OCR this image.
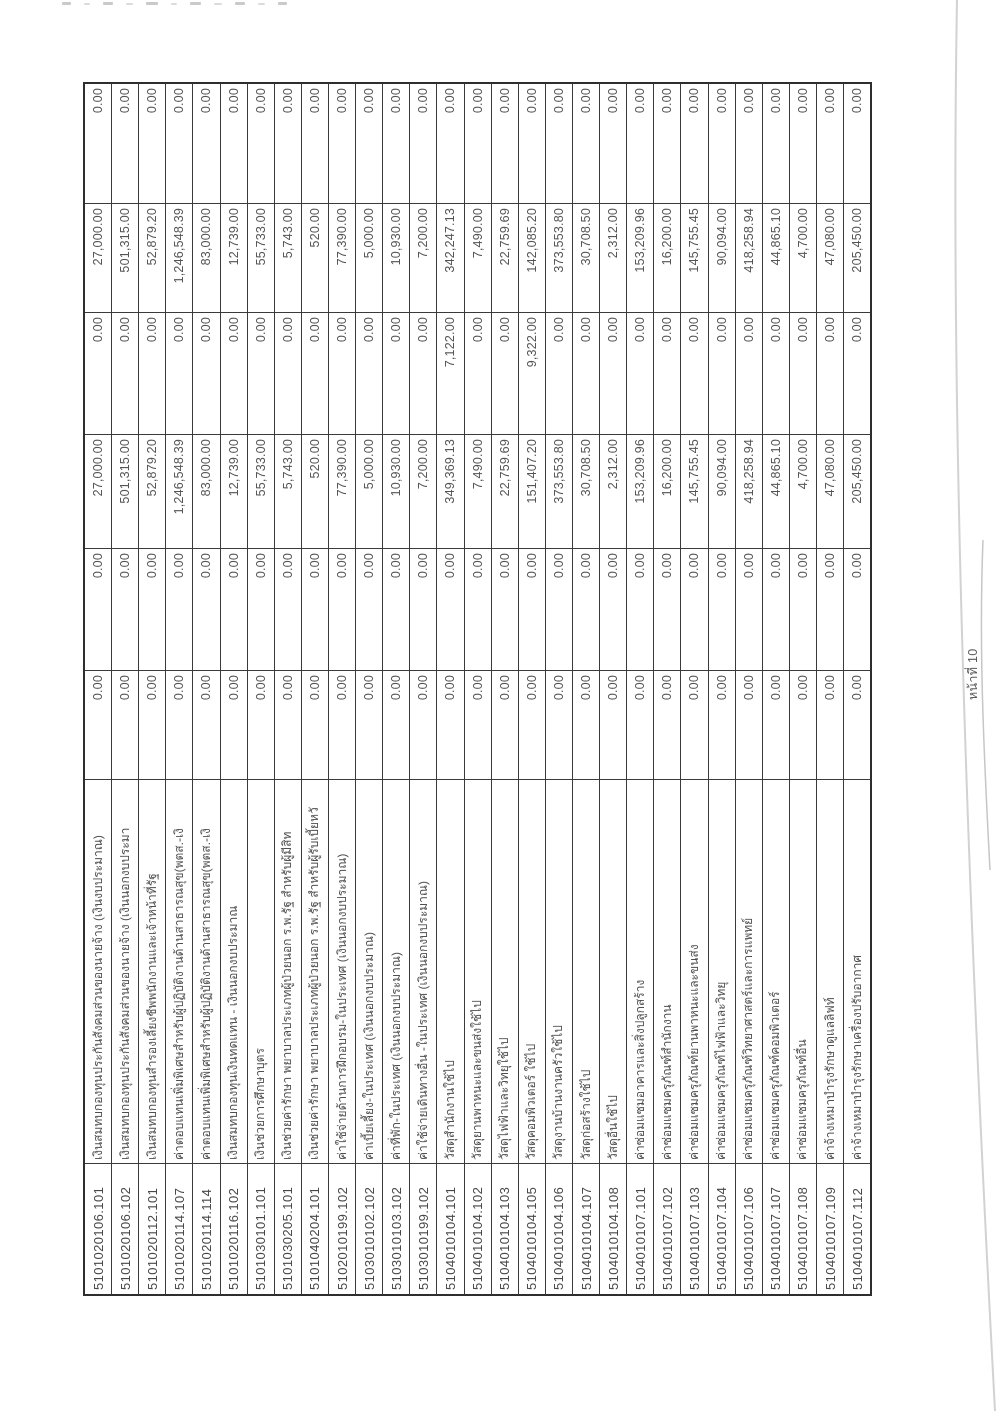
5101020106.101
เงินสมทบกองทุนประกันสังคมส่วนของนายจ้าง (เงินงบประมาณ)
0.00
0.00
27,000.00
0.00
27,000.00
0.00
5101020106.102
เงินสมทบกองทุนประกันสังคมส่วนของนายจ้าง (เงินนอกงบประมา
0.00
0.00
501,315.00
0.00
501,315.00
0.00
5101020112.101
เงินสมทบกองทุนสำรองเลี้ยงชีพพนักงานและเจ้าหน้าที่รัฐ
0.00
0.00
52,879.20
0.00
52,879.20
0.00
5101020114.107
ค่าตอบแทนเพิ่มพิเศษสำหรับผู้ปฏิบัติงานด้านสาธารณสุข(พตส.-เงิ
0.00
0.00
1,246,548.39
0.00
1,246,548.39
0.00
5101020114.114
ค่าตอบแทนเพิ่มพิเศษสำหรับผู้ปฏิบัติงานด้านสาธารณสุข(พตส.-เงิ
0.00
0.00
83,000.00
0.00
83,000.00
0.00
5101020116.102
เงินสมทบกองทุนเงินทดแทน - เงินนอกงบประมาณ
0.00
0.00
12,739.00
0.00
12,739.00
0.00
5101030101.101
เงินช่วยการศึกษาบุตร
0.00
0.00
55,733.00
0.00
55,733.00
0.00
5101030205.101
เงินช่วยค่ารักษา พยาบาลประเภทผู้ป่วยนอก ร.พ.รัฐ สำหรับผู้มีสิท
0.00
0.00
5,743.00
0.00
5,743.00
0.00
5101040204.101
เงินช่วยค่ารักษา พยาบาลประเภทผู้ป่วยนอก ร.พ.รัฐ สำหรับผู้รับเบี้ยหวั
0.00
0.00
520.00
0.00
520.00
0.00
5102010199.102
ค่าใช้จ่ายด้านการฝึกอบรม-ในประเทศ (เงินนอกงบประมาณ)
0.00
0.00
77,390.00
0.00
77,390.00
0.00
5103010102.102
ค่าเบี้ยเลี้ยง-ในประเทศ (เงินนอกงบประมาณ)
0.00
0.00
5,000.00
0.00
5,000.00
0.00
5103010103.102
ค่าที่พัก-ในประเทศ (เงินนอกงบประมาณ)
0.00
0.00
10,930.00
0.00
10,930.00
0.00
5103010199.102
ค่าใช้จ่ายเดินทางอื่น -ในประเทศ (เงินนอกงบประมาณ)
0.00
0.00
7,200.00
0.00
7,200.00
0.00
5104010104.101
วัสดุสำนักงานใช้ไป
0.00
0.00
349,369.13
7,122.00
342,247.13
0.00
5104010104.102
วัสดุยานพาหนะและขนส่งใช้ไป
0.00
0.00
7,490.00
0.00
7,490.00
0.00
5104010104.103
วัสดุไฟฟ้าและวิทยุใช้ไป
0.00
0.00
22,759.69
0.00
22,759.69
0.00
5104010104.105
วัสดุคอมพิวเตอร์ ใช้ไป
0.00
0.00
151,407.20
9,322.00
142,085.20
0.00
5104010104.106
วัสดุงานบ้านงานครัวใช้ไป
0.00
0.00
373,553.80
0.00
373,553.80
0.00
5104010104.107
วัสดุก่อสร้างใช้ไป
0.00
0.00
30,708.50
0.00
30,708.50
0.00
5104010104.108
วัสดุอื่นใช้ไป
0.00
0.00
2,312.00
0.00
2,312.00
0.00
5104010107.101
ค่าซ่อมแซมอาคารและสิ่งปลูกสร้าง
0.00
0.00
153,209.96
0.00
153,209.96
0.00
5104010107.102
ค่าซ่อมแซมครุภัณฑ์สำนักงาน
0.00
0.00
16,200.00
0.00
16,200.00
0.00
5104010107.103
ค่าซ่อมแซมครุภัณฑ์ยานพาหนะและขนส่ง
0.00
0.00
145,755.45
0.00
145,755.45
0.00
5104010107.104
ค่าซ่อมแซมครุภัณฑ์ไฟฟ้าและวิทยุ
0.00
0.00
90,094.00
0.00
90,094.00
0.00
5104010107.106
ค่าซ่อมแซมครุภัณฑ์วิทยาศาสตร์และการแพทย์
0.00
0.00
418,258.94
0.00
418,258.94
0.00
5104010107.107
ค่าซ่อมแซมครุภัณฑ์คอมพิวเตอร์
0.00
0.00
44,865.10
0.00
44,865.10
0.00
5104010107.108
ค่าซ่อมแซมครุภัณฑ์อื่น
0.00
0.00
4,700.00
0.00
4,700.00
0.00
5104010107.109
ค่าจ้างเหมาบำรุงรักษาดูแลลิฟท์
0.00
0.00
47,080.00
0.00
47,080.00
0.00
5104010107.112
ค่าจ้างเหมาบำรุงรักษาเครื่องปรับอากาศ
0.00
0.00
205,450.00
0.00
205,450.00
0.00
หน้าที่ 10
